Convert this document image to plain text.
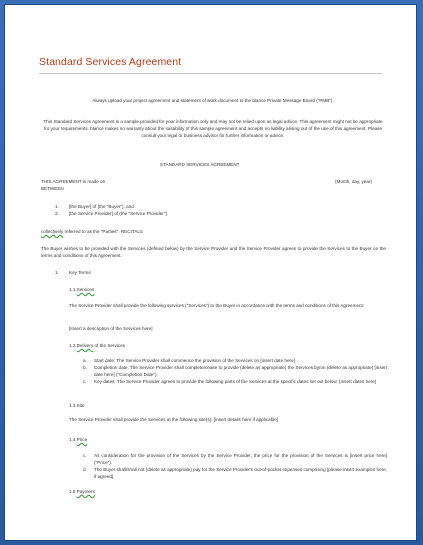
Standard Services Agreement
Always upload your project agreement and statement of work document to the blance Private Message Board ("PMB").
This Standard Services Agreement is a sample provided for your information only and may not be relied upon as legal advice. This agreement might not be appropriate for your requirements. blance makes no warranty about the suitability of this sample agreement and accepts no liability arising out of the use of this agreement. Please consult your legal or business advisor for further information or advice.
STANDARD SERVICES AGREEMENT
THIS AGREEMENT is made on	(Month, day, year)
BETWEEN
1. [the Buyer] of (the "Buyer"), and
2. [the Service Provider] of (the "Service Provider").
collectively referred to as the "Parties". RECITALS
The Buyer wishes to be provided with the Services (defined below) by the Service Provider and the Service Provider agrees to provide the Services to the Buyer on the terms and conditions of this Agreement.
1. Key Terms
1.1.Services
The Service Provider shall provide the following services ("Services") to the Buyer in accordance with the terms and conditions of this Agreement:
[Insert a description of the Services here]
1.2.Delivery of the Services
a. Start date: The Service Provider shall commence the provision of the Services on [insert date here].
b. Completion date: The Service Provider shall complete/cease to provide (delete as appropriate) the Services by/on (delete as appropriate) [insert date here] ("Completion Date").
c. Key dates: The Service Provider agrees to provide the following parts of the Services at the specific dates set out below: [insert dates here]
1.3.Site
The Service Provider shall provide the Services at the following site(s): [insert details here if applicable]
1.4.Price
c. As consideration for the provision of the Services by the Service Provider, the price for the provision of the Services is [insert price here] ("Price").
d. The Buyer shall/shall not (delete as appropriate) pay for the Service Provider's out-of-pocket expenses comprising [please insert examples here, if agreed].
1.5.Payment
